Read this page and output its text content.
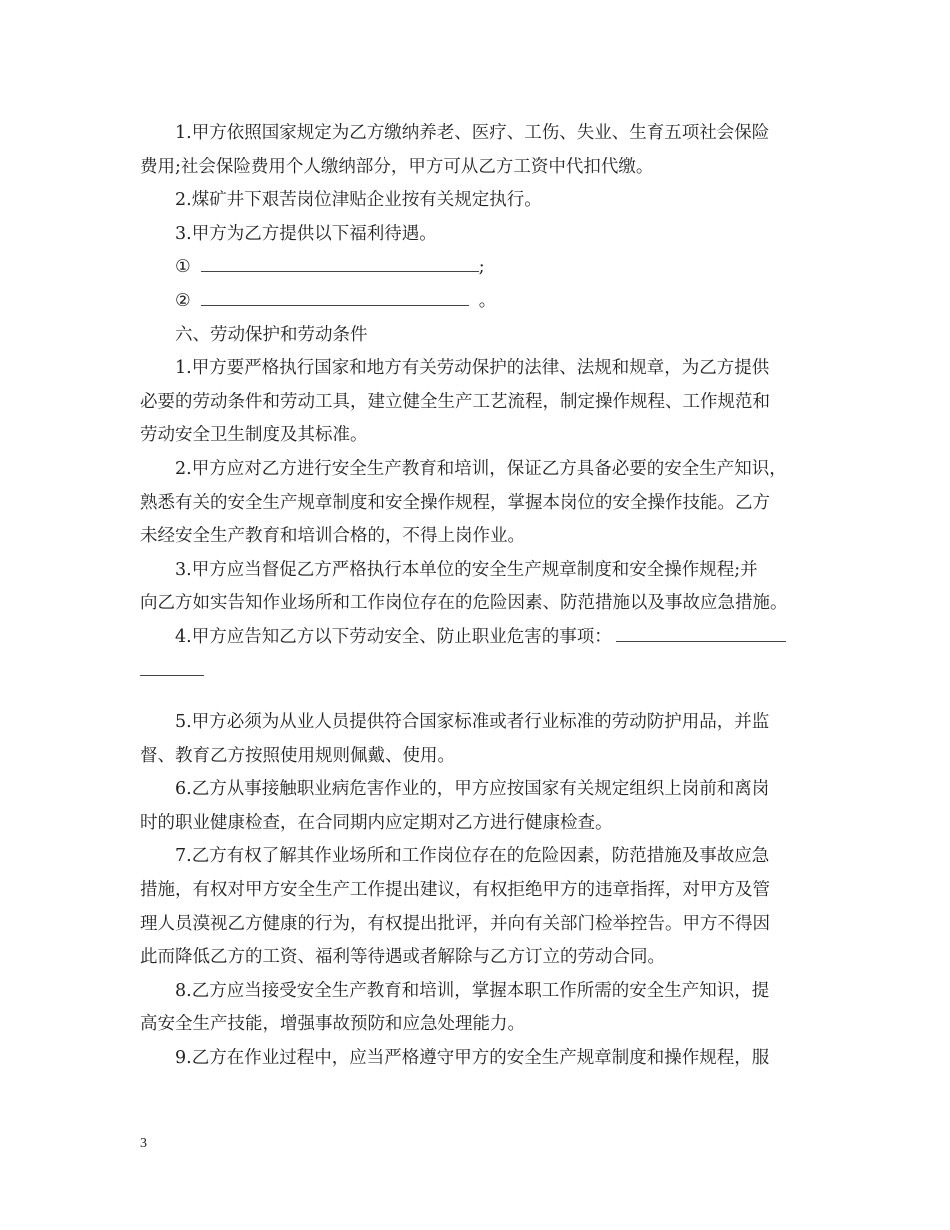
1.甲方依照国家规定为乙方缴纳养老、医疗、工伤、失业、生育五项社会保险
费用;社会保险费用个人缴纳部分，甲方可从乙方工资中代扣代缴。
2.煤矿井下艰苦岗位津贴企业按有关规定执行。
3.甲方为乙方提供以下福利待遇。
①	;
②	。
六、劳动保护和劳动条件
1.甲方要严格执行国家和地方有关劳动保护的法律、法规和规章，为乙方提供
必要的劳动条件和劳动工具，建立健全生产工艺流程，制定操作规程、工作规范和
劳动安全卫生制度及其标准。
2.甲方应对乙方进行安全生产教育和培训，保证乙方具备必要的安全生产知识，
熟悉有关的安全生产规章制度和安全操作规程，掌握本岗位的安全操作技能。乙方
未经安全生产教育和培训合格的，不得上岗作业。
3.甲方应当督促乙方严格执行本单位的安全生产规章制度和安全操作规程;并
向乙方如实告知作业场所和工作岗位存在的危险因素、防范措施以及事故应急措施。
4.甲方应告知乙方以下劳动安全、防止职业危害的事项：
5.甲方必须为从业人员提供符合国家标准或者行业标准的劳动防护用品，并监
督、教育乙方按照使用规则佩戴、使用。
6.乙方从事接触职业病危害作业的，甲方应按国家有关规定组织上岗前和离岗
时的职业健康检查，在合同期内应定期对乙方进行健康检查。
7.乙方有权了解其作业场所和工作岗位存在的危险因素，防范措施及事故应急
措施，有权对甲方安全生产工作提出建议，有权拒绝甲方的违章指挥，对甲方及管
理人员漠视乙方健康的行为，有权提出批评，并向有关部门检举控告。甲方不得因
此而降低乙方的工资、福利等待遇或者解除与乙方订立的劳动合同。
8.乙方应当接受安全生产教育和培训，掌握本职工作所需的安全生产知识，提
高安全生产技能，增强事故预防和应急处理能力。
9.乙方在作业过程中，应当严格遵守甲方的安全生产规章制度和操作规程，服
3
